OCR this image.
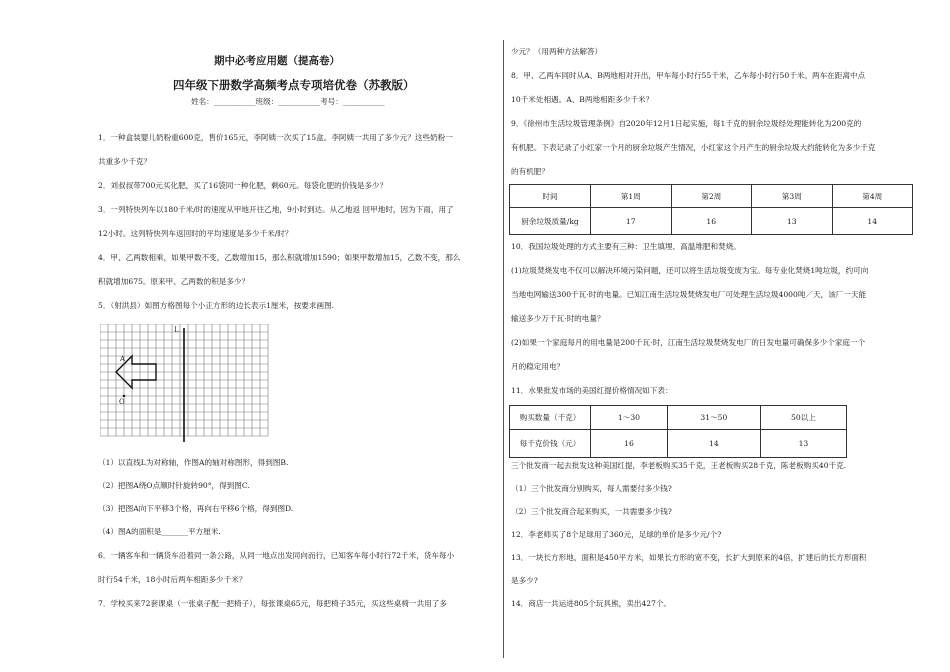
期中必考应用题（提高卷）
四年级下册数学高频考点专项培优卷（苏教版）
姓名：___________班级：___________考号：___________
1．一种盒装婴儿奶粉重600克，售价165元，李阿姨一次买了15盒。李阿姨一共用了多少元？这些奶粉一
共重多少千克？
2．刘叔叔带700元买化肥，买了16袋同一种化肥，剩60元。每袋化肥的价钱是多少？
3．一列特快列车以180千米/时的速度从甲地开往乙地，9小时到达。从乙地返 回甲地时，因为下雨，用了
12小时。这列特快列车返回时的平均速度是多少千米/时？
4．甲、乙两数相乘，如果甲数不变，乙数增加15，那么积就增加1590；如果甲数增加15，乙数不变，那么
积就增加675。原来甲、乙两数的积是多少？
5．（射洪县）如图方格图每个小正方形的边长表示1厘米，按要求画图.
L
A
O
（1）以直线L为对称轴，作图A的轴对称图形，得到图B.
（2）把图A绕O点顺时针旋转90°，得到图C.
（3）把图A向下平移3个格，再向右平移6个格，得到图D.
（4）图A的面积是_______平方厘米.
6．一辆客车和一辆货车沿着同一条公路，从同一地点出发同向而行，已知客车每小时行72千米，货车每小
时行54千米，18小时后两车相距多少千米？
7．学校买来72套课桌（一张桌子配一把椅子），每张课桌65元，每把椅子35元，买这些桌椅一共用了多
少元？（用两种方法解答）
8．甲、乙两车同时从A、B两地相对开出，甲车每小时行55千米，乙车每小时行50千米。两车在距离中点
10千米处相遇。A、B两地相距多少千米？
9．《徐州市生活垃圾管理条例》自2020年12月1日起实施，每1千克的厨余垃圾经处理能转化为200克的
有机肥。下表记录了小红家一个月的厨余垃圾产生情况，小红家这个月产生的厨余垃圾大约能转化为多少千克
的有机肥？
时间	第1周	第2周	第3周	第4周
厨余垃圾质量/kg	17	16	13	14
10．我国垃圾处理的方式主要有三种：卫生填埋、高温堆肥和焚烧。
(1)垃圾焚烧发电不仅可以解决环境污染问题，还可以将生活垃圾变废为宝。每专业化焚烧1吨垃圾，约可向
当地电网输送300千瓦·时的电量。已知江南生活垃圾焚烧发电厂可处理生活垃圾4000吨／天，该厂一天能
输送多少万千瓦·时的电量？
(2)如果一个家庭每月的用电量是200千瓦·时，江南生活垃圾焚烧发电厂的日发电量可确保多少个家庭一个
月的稳定用电？
11．水果批发市场的美国红提价格情况如下表：
购买数量（千克）	1～30	31～50	50以上
每千克价钱（元）	16	14	13
三个批发商一起去批发这种美国红提，李老板购买35千克，王老板购买28千克，陈老板购买40千克.
（1）三个批发商分别购买，每人需要付多少钱?
（2）三个批发商合起来购买，一共需要多少钱?
12．李老师买了8个足球用了360元，足球的单价是多少元/个?
13．一块长方形地，面积是450平方米，如果长方形的宽不变，长扩大到原来的4倍，扩建后的长方形面积
是多少?
14．商店一共运进805个玩具熊，卖出427个。
